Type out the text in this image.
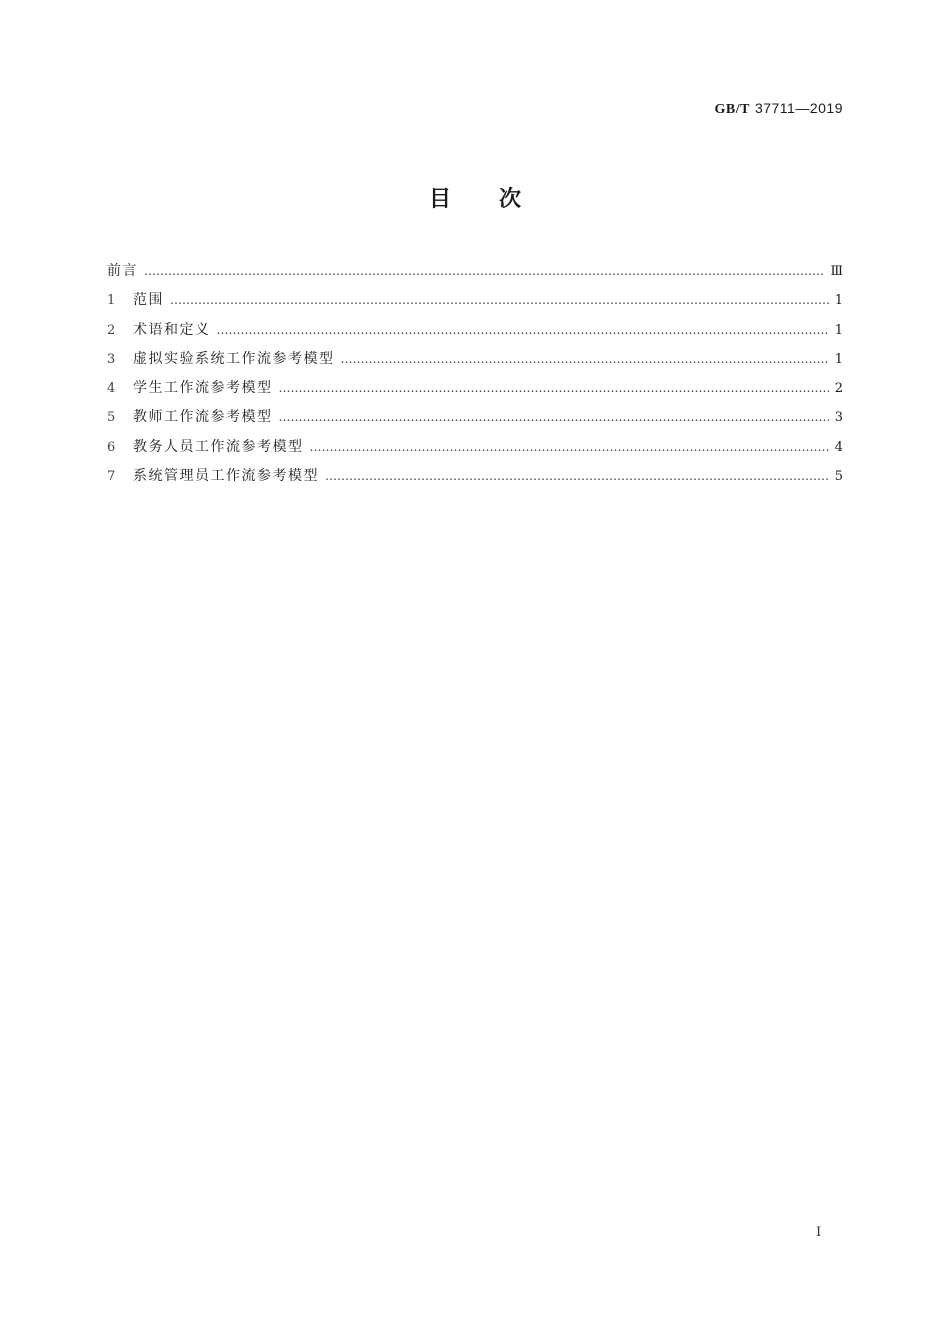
GB/T 37711—2019
目次
前言 …………………………………………………………………………………………………………………………………………………………………………………………………………	Ⅲ
1	范围 …………………………………………………………………………………………………………………………………………………………………………………………………………	1
2	术语和定义 …………………………………………………………………………………………………………………………………………………………………………………………………………	1
3	虚拟实验系统工作流参考模型 …………………………………………………………………………………………………………………………………………………………………………………………………………	1
4	学生工作流参考模型 …………………………………………………………………………………………………………………………………………………………………………………………………………	2
5	教师工作流参考模型 …………………………………………………………………………………………………………………………………………………………………………………………………………	3
6	教务人员工作流参考模型 …………………………………………………………………………………………………………………………………………………………………………………………………………	4
7	系统管理员工作流参考模型 …………………………………………………………………………………………………………………………………………………………………………………………………………	5
Ⅰ
